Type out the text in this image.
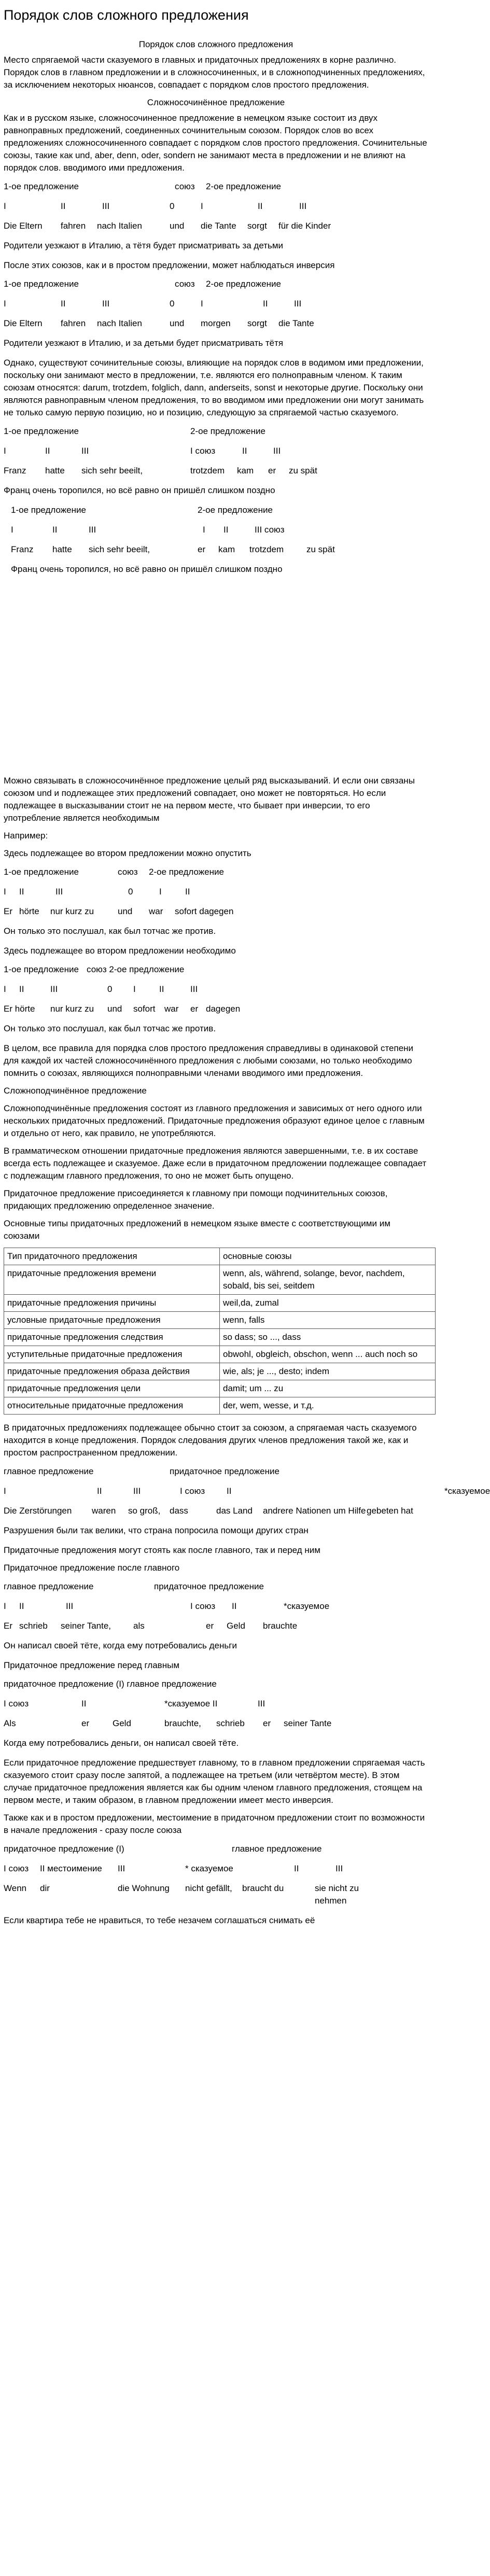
Порядок слов сложного предложения

Порядок слов сложного предложения

Место спрягаемой части сказуемого в главных и придаточных предложениях в корне различно. Порядок слов в главном предложении и в сложносочиненных, и в сложноподчиненных предложениях, за исключением некоторых нюансов, совпадает с порядком слов простого предложения.

Сложносочинённое предложение

Как и в русском языке, сложносочиненное предложение в немецком языке состоит из двух равноправных предложений, соединенных сочинительным союзом. Порядок слов во всех предложениях сложносочиненного совпадает с порядком слов простого предложения. Сочинительные союзы, такие как und, aber, denn, oder, sondern не занимают места в предложении и не влияют на порядок слов. вводимого ими предложения.

1-ое предложение	союз	2-ое предложение
I	II	III	0	I	II	III
Die Eltern	fahren	nach Italien	und	die Tante	sorgt	für die Kinder

Родители уезжают в Италию, а тётя будет присматривать за детьми

После этих союзов, как и в простом предложении, может наблюдаться инверсия

1-ое предложение	союз	2-ое предложение
I	II	III	0	I	II	III
Die Eltern	fahren	nach Italien	und	morgen	sorgt	die Tante

Родители уезжают в Италию, и за детьми будет присматривать тётя

Однако, существуют сочинительные союзы, влияющие на порядок слов в водимом ими предложении, поскольку они занимают место в предложении, т.е. являются его полноправным членом. К таким союзам относятся: darum, trotzdem, folglich, dann, anderseits, sonst и некоторые другие. Поскольку они являются равноправным членом предложения, то во вводимом ими предложении они могут занимать не только самую первую позицию, но и позицию, следующую за спрягаемой частью сказуемого.

1-ое предложение	2-ое предложение
I	II	III	I союз	II	III
Franz	hatte	sich sehr beeilt,	trotzdem	kam	er	zu spät

Франц очень торопился, но всё равно он пришёл слишком поздно

1-ое предложение	2-ое предложение
I	II	III	I	II	III союз
Franz	hatte	sich sehr beeilt,	er	kam	trotzdem	zu spät

Франц очень торопился, но всё равно он пришёл слишком поздно

Можно связывать в сложносочинённое предложение целый ряд высказываний. И если они связаны союзом und и подлежащее этих предложений совпадает, оно может не повторяться. Но если подлежащее в высказывании стоит не на первом месте, что бывает при инверсии, то его употребление является необходимым

Например:

Здесь подлежащее во втором предложении можно опустить

1-ое предложение	союз	2-ое предложение
I	II	III	0	I	II
Er hörte	nur kurz zu	und	war	sofort dagegen

Он только это послушал, как был тотчас же против.

Здесь подлежащее во втором предложении необходимо

1-ое предложение союз 2-ое предложение
I	II	III	0	I	II	III
Er hörte	nur kurz zu	und	sofort	war	er dagegen

Он только это послушал, как был тотчас же против.

В целом, все правила для порядка слов простого предложения справедливы в одинаковой степени для каждой их частей сложносочинённого предложения с любыми союзами, но только необходимо помнить о союзах, являющихся полноправными членами вводимого ими предложения.

Сложноподчинённое предложение

Сложноподчинённые предложения состоят из главного предложения и зависимых от него одного или нескольких придаточных предложений. Придаточные предложения образуют единое целое с главным и отдельно от него, как правило, не употребляются.

В грамматическом отношении придаточные предложения являются завершенными, т.е. в их составе всегда есть подлежащее и сказуемое. Даже если в придаточном предложении подлежащее совпадает с подлежащим главного предложения, то оно не может быть опущено.

Придаточное предложение присоединяется к главному при помощи подчинительных союзов, придающих предложению определенное значение.

Основные типы придаточных предложений в немецком языке вместе с соответствующими им союзами

Тип придаточного предложения	основные союзы
придаточные предложения времени	wenn, als, während, solange, bevor, nachdem, sobald, bis sei, seitdem
придаточные предложения причины	weil,da, zumal
условные придаточные предложения	wenn, falls
придаточные предложения следствия	so dass; so ..., dass
уступительные придаточные предложения	obwohl, obgleich, obschon, wenn ... auch noch so
придаточные предложения образа действия	wie, als; je ..., desto; indem
придаточные предложения цели	damit; um ... zu
относительные придаточные предложения	der, wem, wesse, и т.д.

В придаточных предложениях подлежащее обычно стоит за союзом, а спрягаемая часть сказуемого находится в конце предложения. Порядок следования других членов предложения такой же, как и простом распространенном предложении.

главное предложение	придаточное предложение
I	II	III	I союз	II	*сказуемое
Die Zerstörungen	waren	so groß,	dass	das Land	andrere Nationen um Hilfe gebeten hat

Разрушения были так велики, что страна попросила помощи других стран

Придаточные предложения могут стоять как после главного, так и перед ним

Придаточное предложение после главного

главное предложение	придаточное предложение
I	II	III	I союз	II	*сказуемое
Er schrieb	seiner Tante,	als	er	Geld	brauchte

Он написал своей тёте, когда ему потребовались деньги

Придаточное предложение перед главным

придаточное предложение (I) главное предложение
I союз	II	*сказуемое II	III
Als	er	Geld	brauchte,	schrieb	er	seiner Tante

Когда ему потребовались деньги, он написал своей тёте.

Если придаточное предложение предшествует главному, то в главном предложении спрягаемая часть сказуемого стоит сразу после запятой, а подлежащее на третьем (или четвёртом месте). В этом случае придаточное предложения является как бы одним членом главного предложения, стоящем на первом месте, и таким образом, в главном предложении имеет место инверсия.

Также как и в простом предложении, местоимение в придаточном предложении стоит по возможности в начале предложения - сразу после союза

придаточное предложение (I)	главное предложение
I союз	II местоимение	III	* сказуемое	II	III
Wenn	dir	die Wohnung	nicht gefällt,	braucht du	sie nicht zu nehmen

Если квартира тебе не нравиться, то тебе незачем соглашаться снимать её
